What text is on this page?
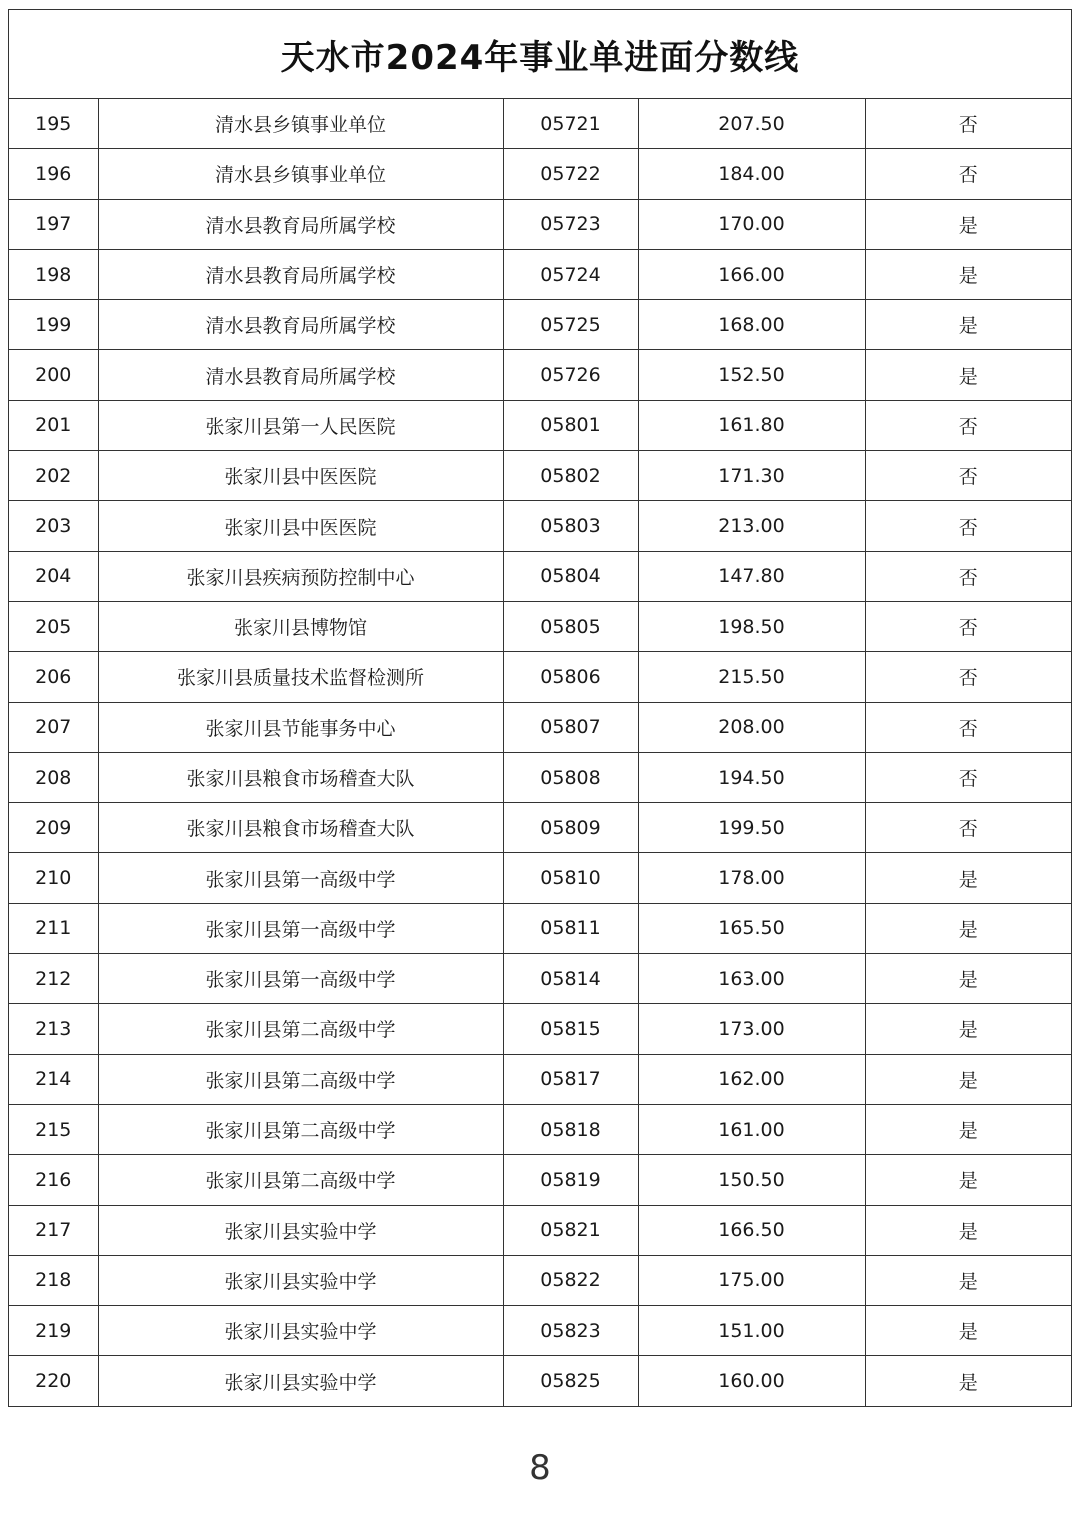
天水市2024年事业单进面分数线
195	清水县乡镇事业单位	05721	207.50	否
196	清水县乡镇事业单位	05722	184.00	否
197	清水县教育局所属学校	05723	170.00	是
198	清水县教育局所属学校	05724	166.00	是
199	清水县教育局所属学校	05725	168.00	是
200	清水县教育局所属学校	05726	152.50	是
201	张家川县第一人民医院	05801	161.80	否
202	张家川县中医医院	05802	171.30	否
203	张家川县中医医院	05803	213.00	否
204	张家川县疾病预防控制中心	05804	147.80	否
205	张家川县博物馆	05805	198.50	否
206	张家川县质量技术监督检测所	05806	215.50	否
207	张家川县节能事务中心	05807	208.00	否
208	张家川县粮食市场稽查大队	05808	194.50	否
209	张家川县粮食市场稽查大队	05809	199.50	否
210	张家川县第一高级中学	05810	178.00	是
211	张家川县第一高级中学	05811	165.50	是
212	张家川县第一高级中学	05814	163.00	是
213	张家川县第二高级中学	05815	173.00	是
214	张家川县第二高级中学	05817	162.00	是
215	张家川县第二高级中学	05818	161.00	是
216	张家川县第二高级中学	05819	150.50	是
217	张家川县实验中学	05821	166.50	是
218	张家川县实验中学	05822	175.00	是
219	张家川县实验中学	05823	151.00	是
220	张家川县实验中学	05825	160.00	是
8
